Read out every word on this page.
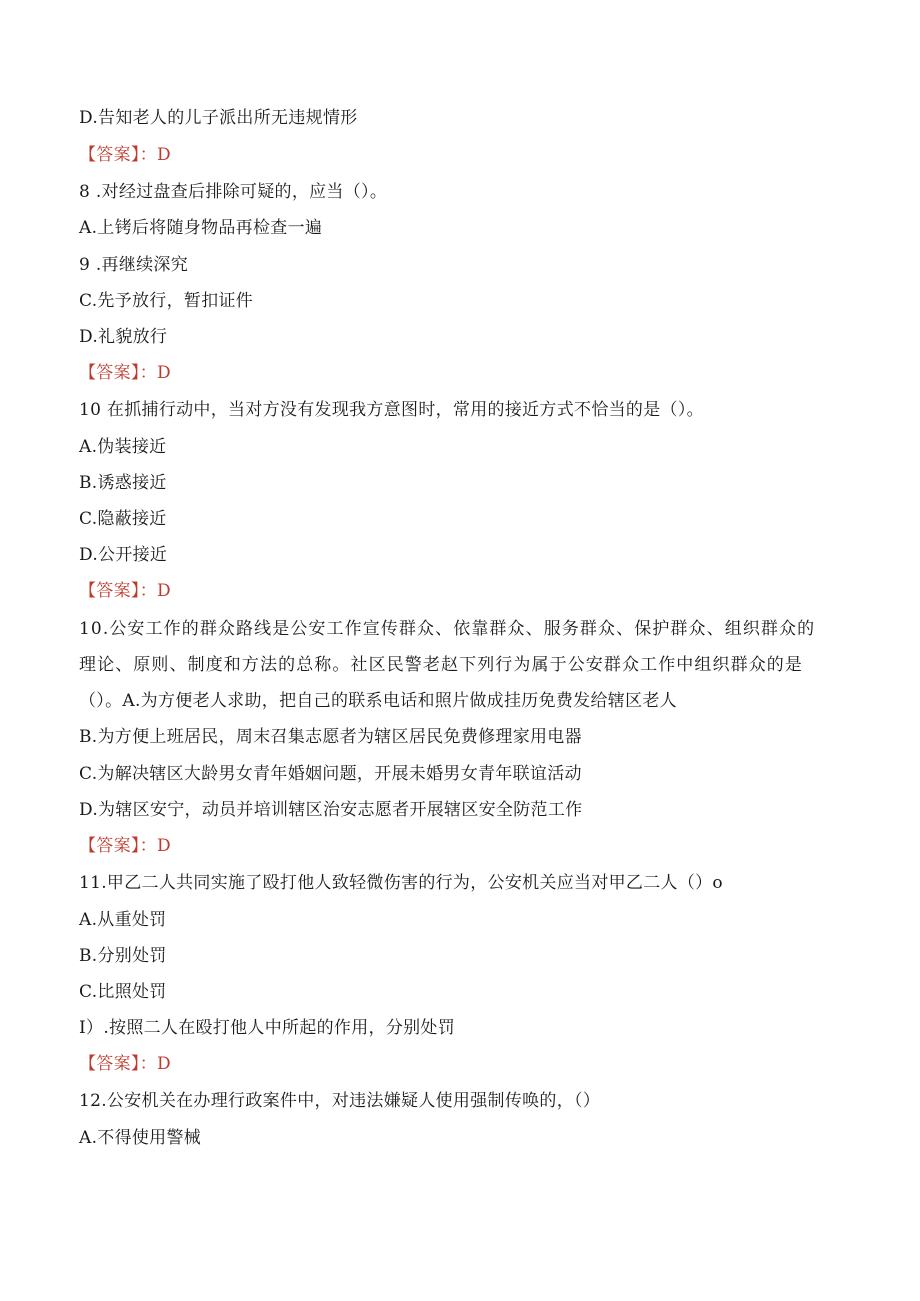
D.告知老人的儿子派出所无违规情形
【答案】：D
8 .对经过盘查后排除可疑的，应当（）。
A.上铐后将随身物品再检查一遍
9 .再继续深究
C.先予放行，暂扣证件
D.礼貌放行
【答案】：D
10 在抓捕行动中，当对方没有发现我方意图时，常用的接近方式不恰当的是（）。
A.伪装接近
B.诱惑接近
C.隐蔽接近
D.公开接近
【答案】：D
10.公安工作的群众路线是公安工作宣传群众、依靠群众、服务群众、保护群众、组织群众的
理论、原则、制度和方法的总称。社区民警老赵下列行为属于公安群众工作中组织群众的是
（）。A.为方便老人求助，把自己的联系电话和照片做成挂历免费发给辖区老人
B.为方便上班居民，周末召集志愿者为辖区居民免费修理家用电器
C.为解决辖区大龄男女青年婚姻问题，开展未婚男女青年联谊活动
D.为辖区安宁，动员并培训辖区治安志愿者开展辖区安全防范工作
【答案】：D
11.甲乙二人共同实施了殴打他人致轻微伤害的行为，公安机关应当对甲乙二人（）o
A.从重处罚
B.分别处罚
C.比照处罚
I）.按照二人在殴打他人中所起的作用，分别处罚
【答案】：D
12.公安机关在办理行政案件中，对违法嫌疑人使用强制传唤的，（）
A.不得使用警械
